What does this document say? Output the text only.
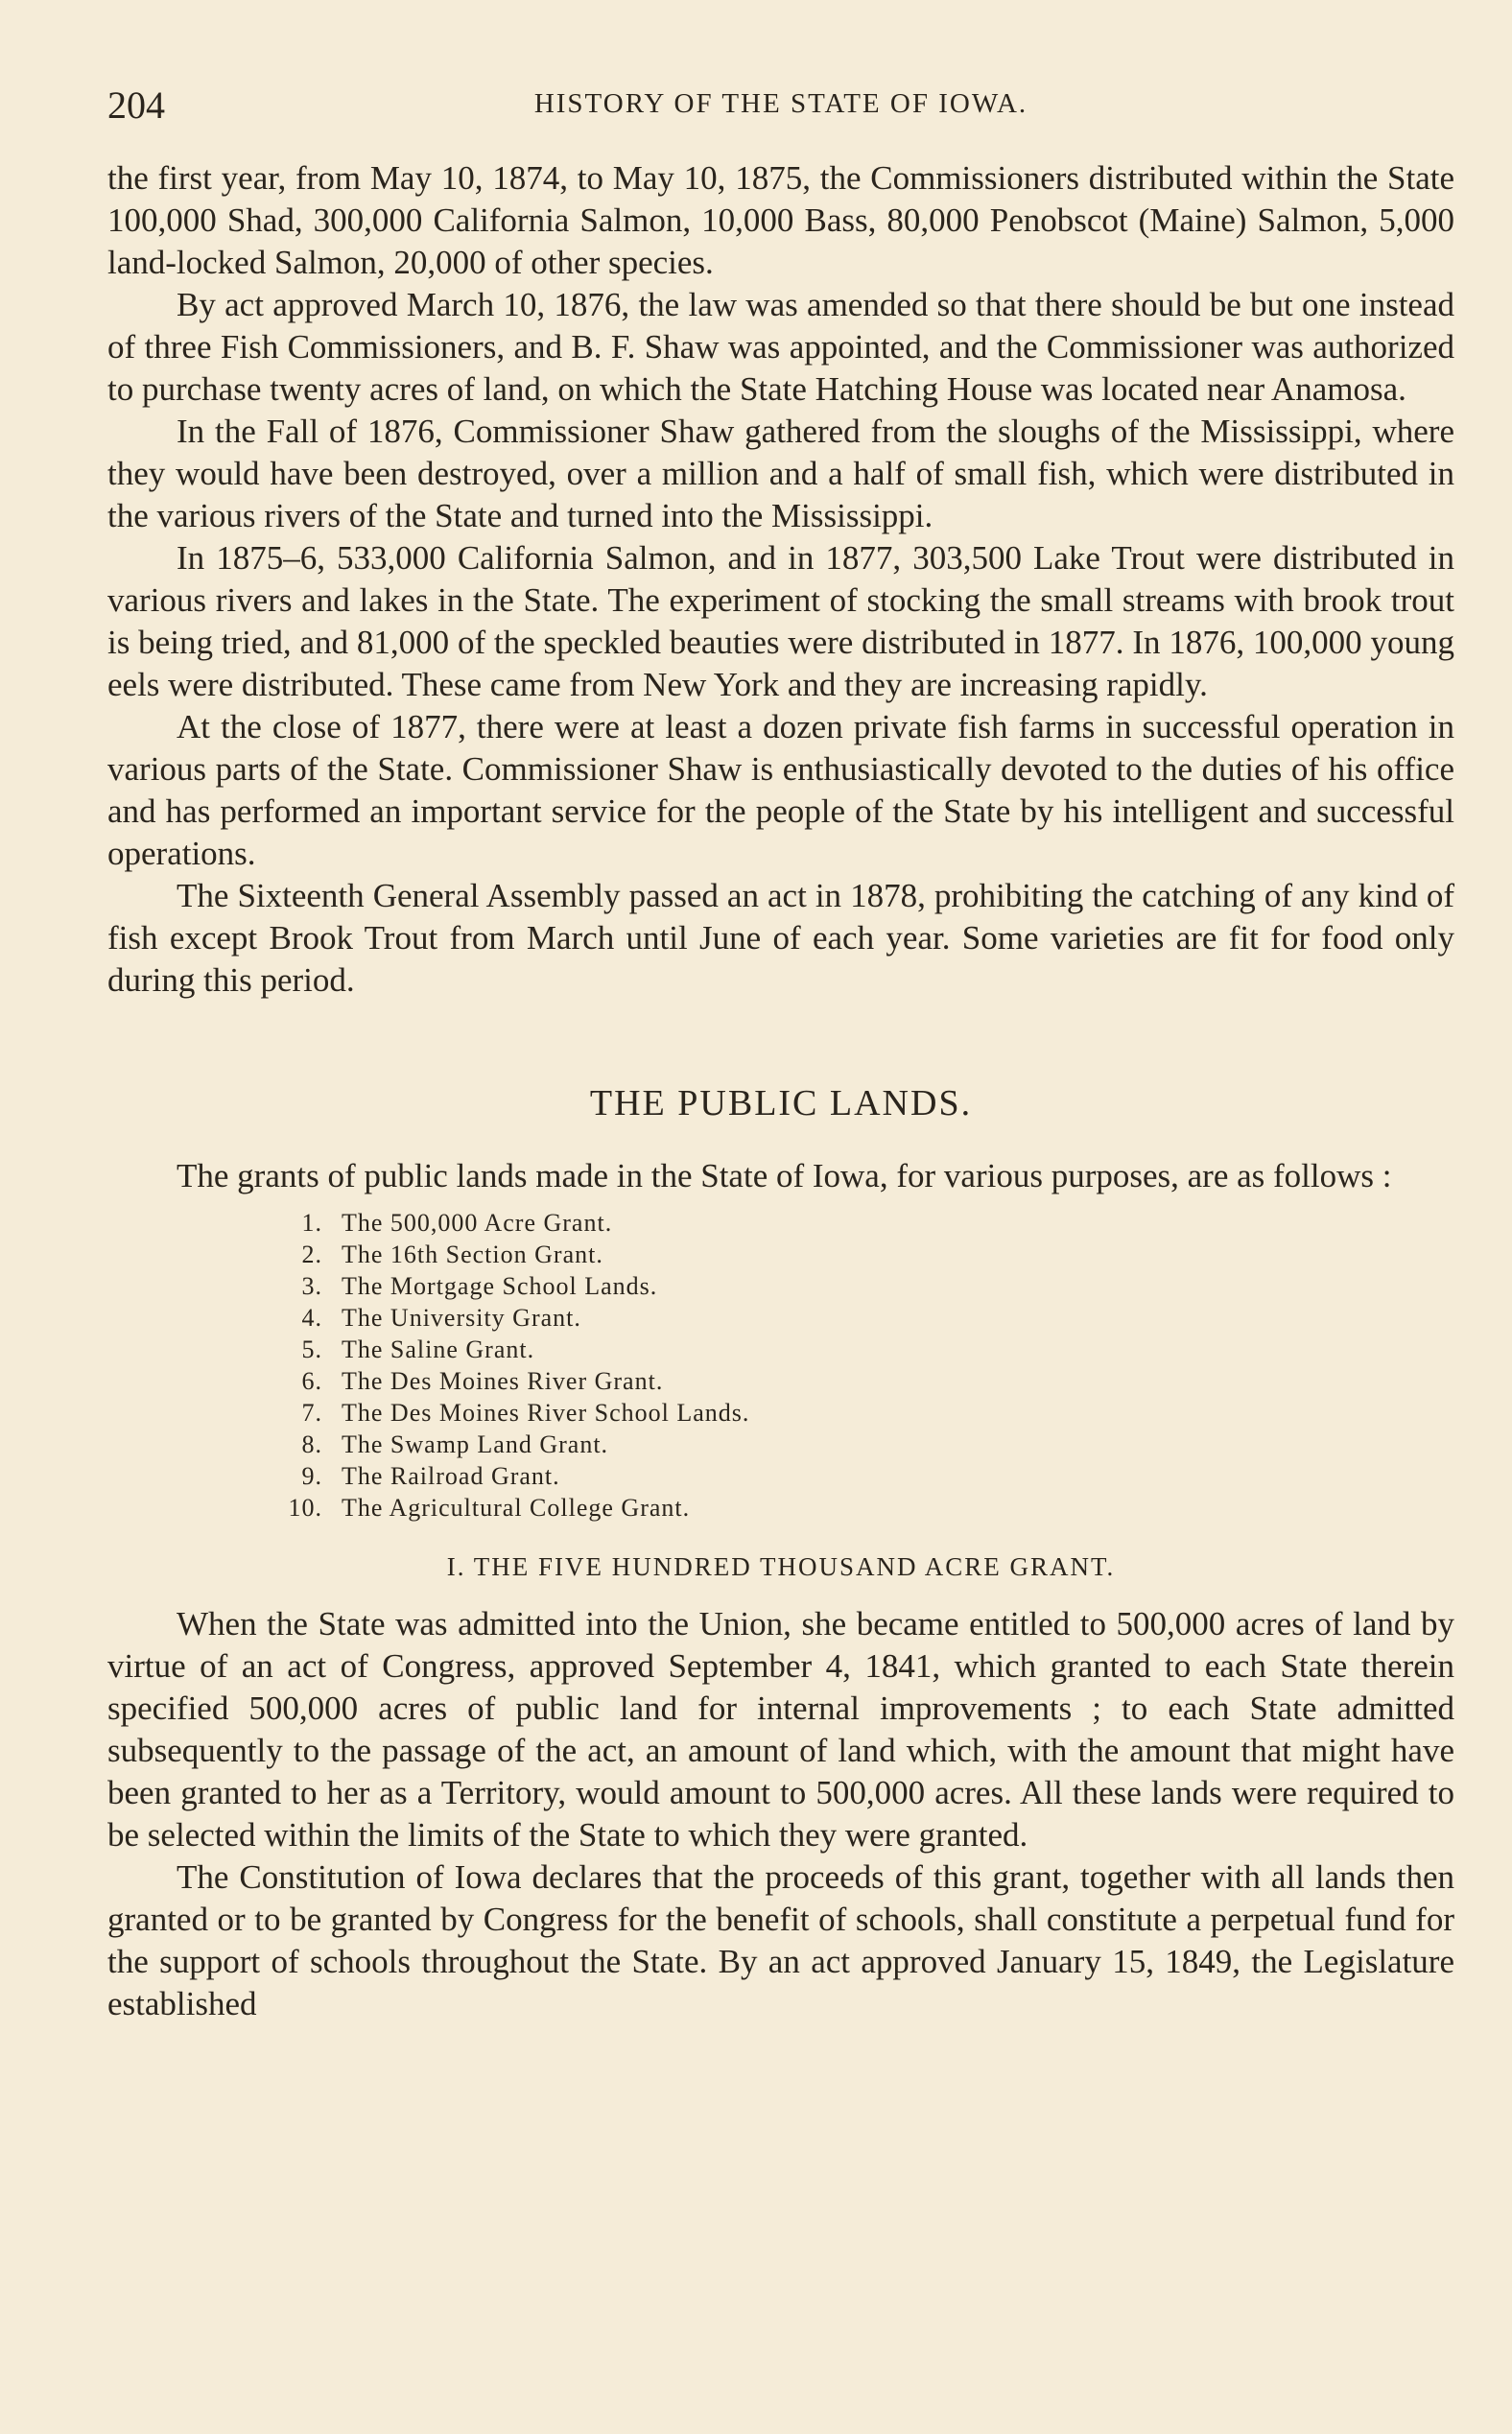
204	HISTORY OF THE STATE OF IOWA.

the first year, from May 10, 1874, to May 10, 1875, the Commissioners distributed within the State 100,000 Shad, 300,000 California Salmon, 10,000 Bass, 80,000 Penobscot (Maine) Salmon, 5,000 land-locked Salmon, 20,000 of other species.

By act approved March 10, 1876, the law was amended so that there should be but one instead of three Fish Commissioners, and B. F. Shaw was appointed, and the Commissioner was authorized to purchase twenty acres of land, on which the State Hatching House was located near Anamosa.

In the Fall of 1876, Commissioner Shaw gathered from the sloughs of the Mississippi, where they would have been destroyed, over a million and a half of small fish, which were distributed in the various rivers of the State and turned into the Mississippi.

In 1875–6, 533,000 California Salmon, and in 1877, 303,500 Lake Trout were distributed in various rivers and lakes in the State. The experiment of stocking the small streams with brook trout is being tried, and 81,000 of the speckled beauties were distributed in 1877. In 1876, 100,000 young eels were distributed. These came from New York and they are increasing rapidly.

At the close of 1877, there were at least a dozen private fish farms in successful operation in various parts of the State. Commissioner Shaw is enthusiastically devoted to the duties of his office and has performed an important service for the people of the State by his intelligent and successful operations.

The Sixteenth General Assembly passed an act in 1878, prohibiting the catching of any kind of fish except Brook Trout from March until June of each year. Some varieties are fit for food only during this period.

THE PUBLIC LANDS.

The grants of public lands made in the State of Iowa, for various purposes, are as follows :

1. The 500,000 Acre Grant.
2. The 16th Section Grant.
3. The Mortgage School Lands.
4. The University Grant.
5. The Saline Grant.
6. The Des Moines River Grant.
7. The Des Moines River School Lands.
8. The Swamp Land Grant.
9. The Railroad Grant.
10. The Agricultural College Grant.
I. THE FIVE HUNDRED THOUSAND ACRE GRANT.

When the State was admitted into the Union, she became entitled to 500,000 acres of land by virtue of an act of Congress, approved September 4, 1841, which granted to each State therein specified 500,000 acres of public land for internal improvements ; to each State admitted subsequently to the passage of the act, an amount of land which, with the amount that might have been granted to her as a Territory, would amount to 500,000 acres. All these lands were required to be selected within the limits of the State to which they were granted.

The Constitution of Iowa declares that the proceeds of this grant, together with all lands then granted or to be granted by Congress for the benefit of schools, shall constitute a perpetual fund for the support of schools throughout the State. By an act approved January 15, 1849, the Legislature established
